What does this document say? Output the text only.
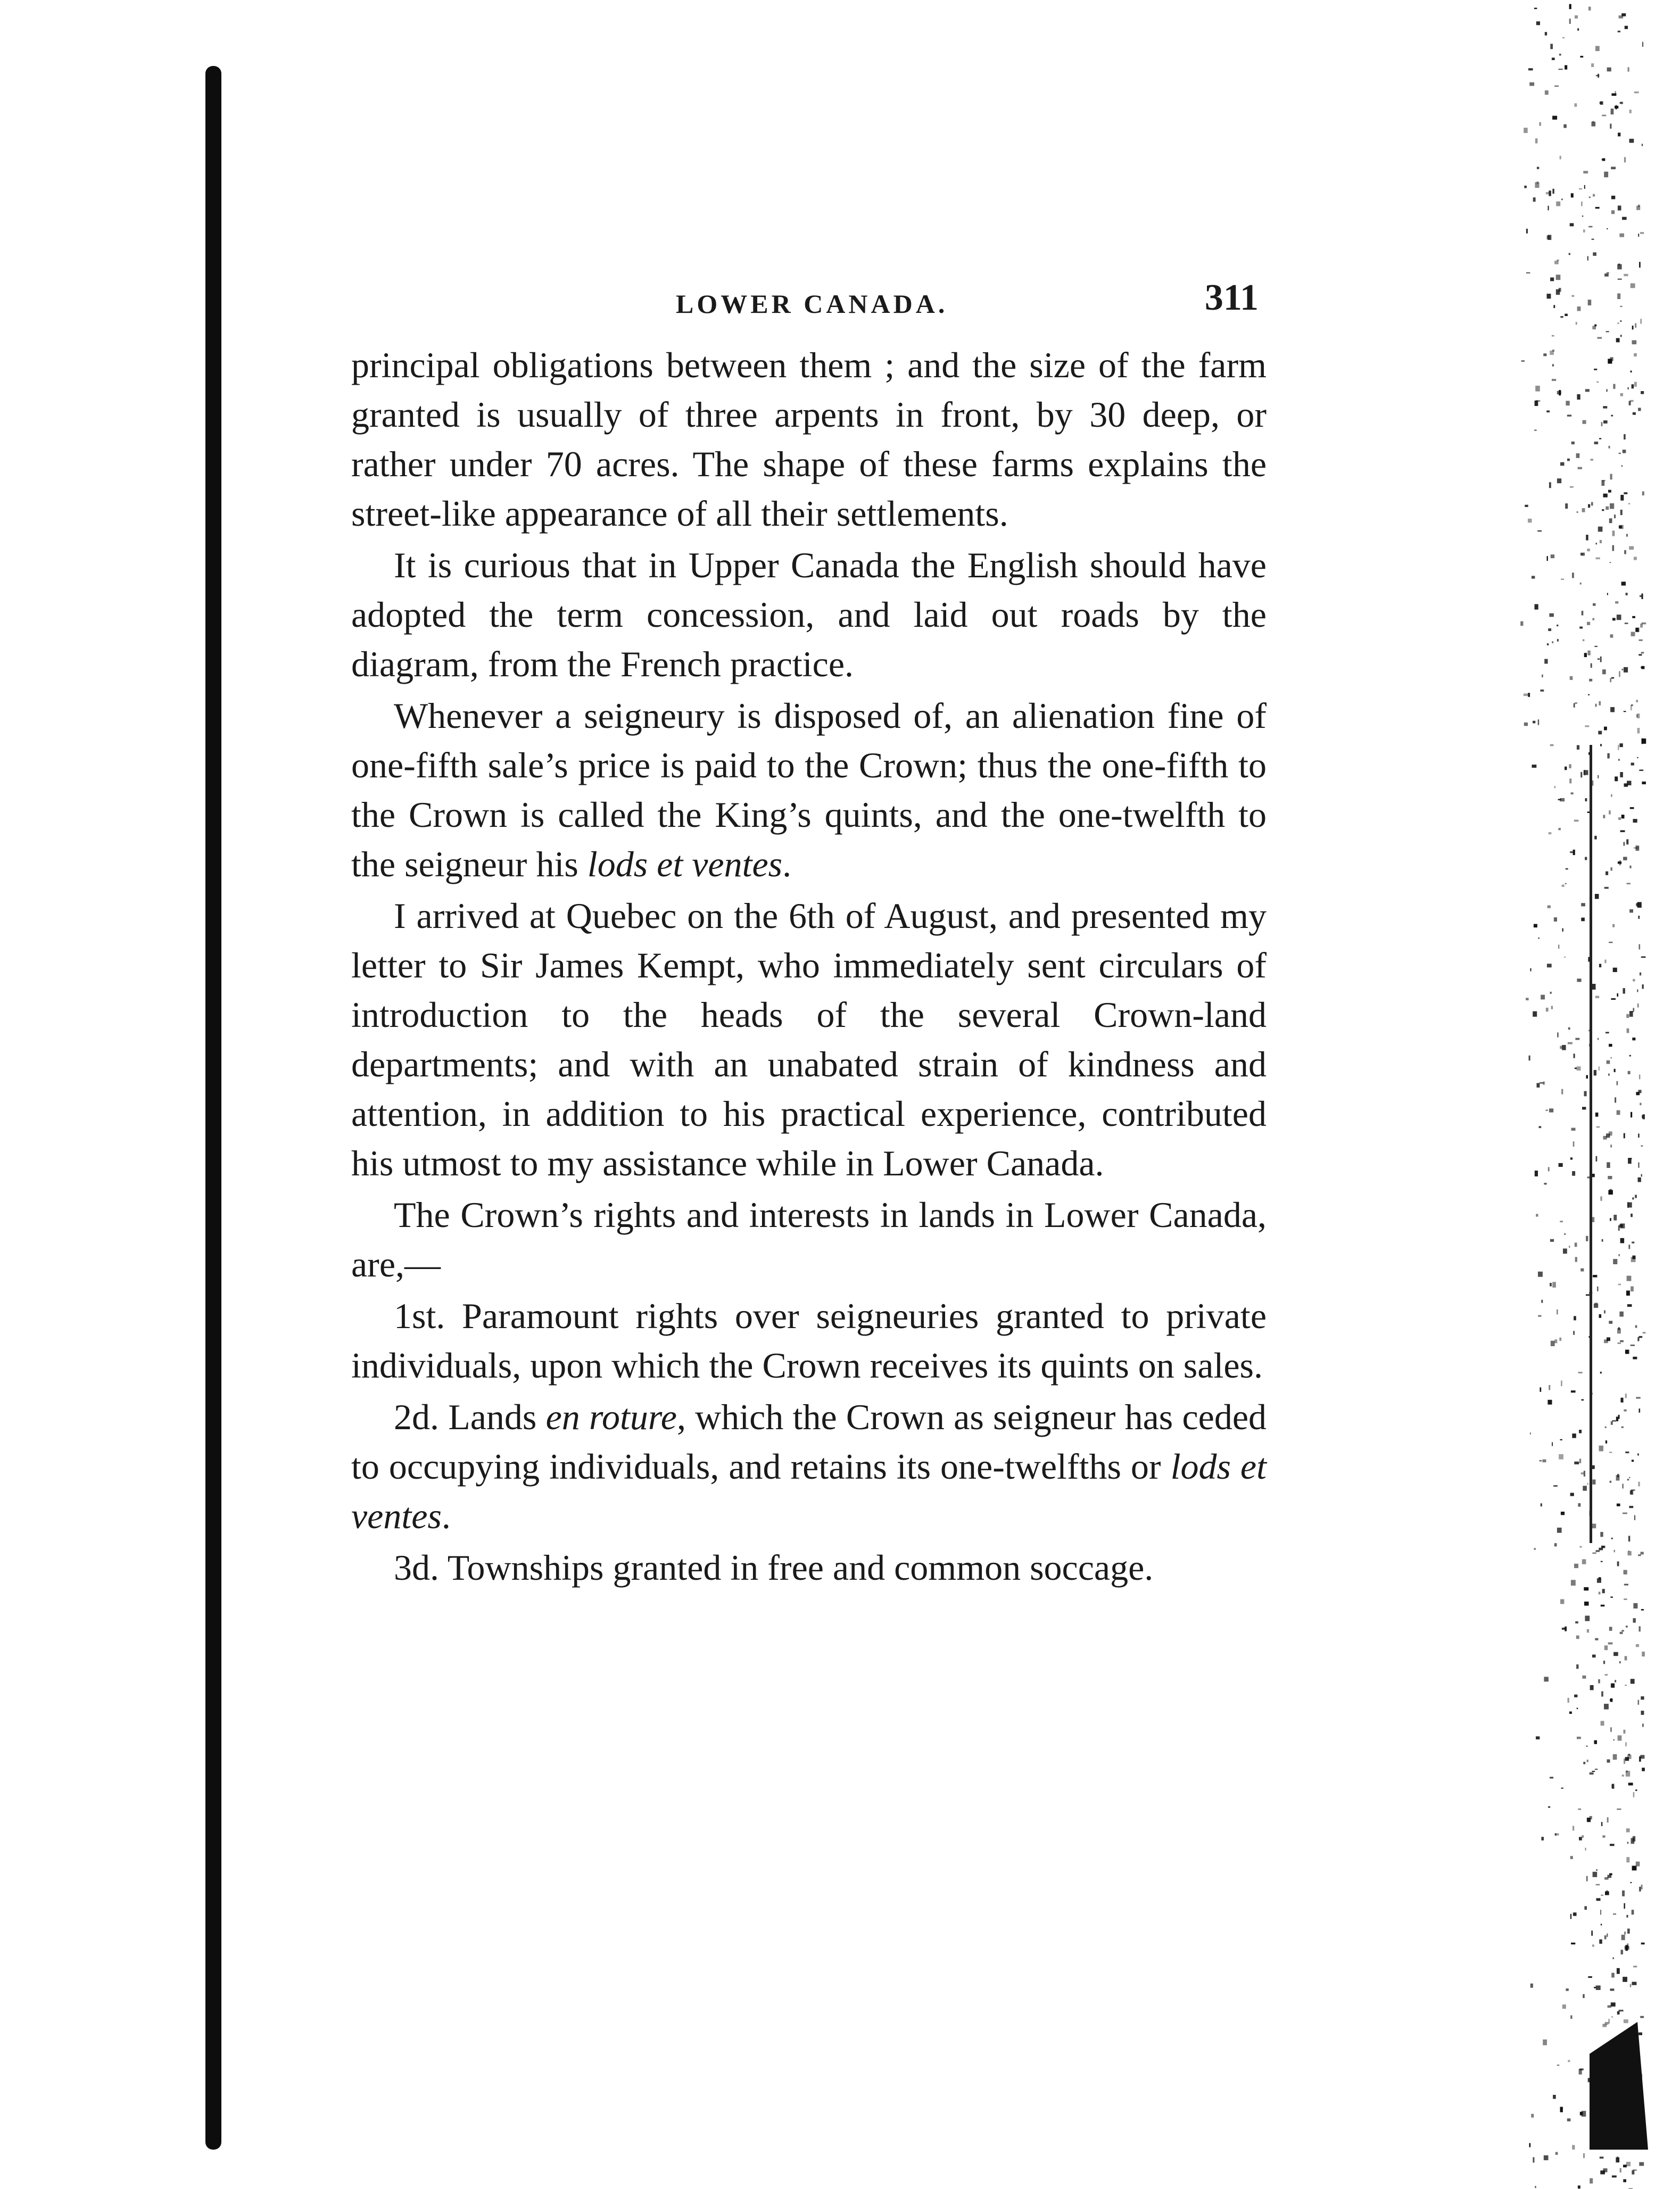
LOWER CANADA.	311

principal obligations between them ; and the size of the farm granted is usually of three arpents in front, by 30 deep, or rather under 70 acres. The shape of these farms explains the street-like appearance of all their settlements.

It is curious that in Upper Canada the English should have adopted the term concession, and laid out roads by the diagram, from the French practice.

Whenever a seigneury is disposed of, an alienation fine of one-fifth sale’s price is paid to the Crown; thus the one-fifth to the Crown is called the King’s quints, and the one-twelfth to the seigneur his lods et ventes.

I arrived at Quebec on the 6th of August, and presented my letter to Sir James Kempt, who immediately sent circulars of introduction to the heads of the several Crown-land departments; and with an unabated strain of kindness and attention, in addition to his practical experience, contributed his utmost to my assistance while in Lower Canada.

The Crown’s rights and interests in lands in Lower Canada, are,—

1st. Paramount rights over seigneuries granted to private individuals, upon which the Crown receives its quints on sales.

2d. Lands en roture, which the Crown as seigneur has ceded to occupying individuals, and retains its one-twelfths or lods et ventes.

3d. Townships granted in free and common soccage.
